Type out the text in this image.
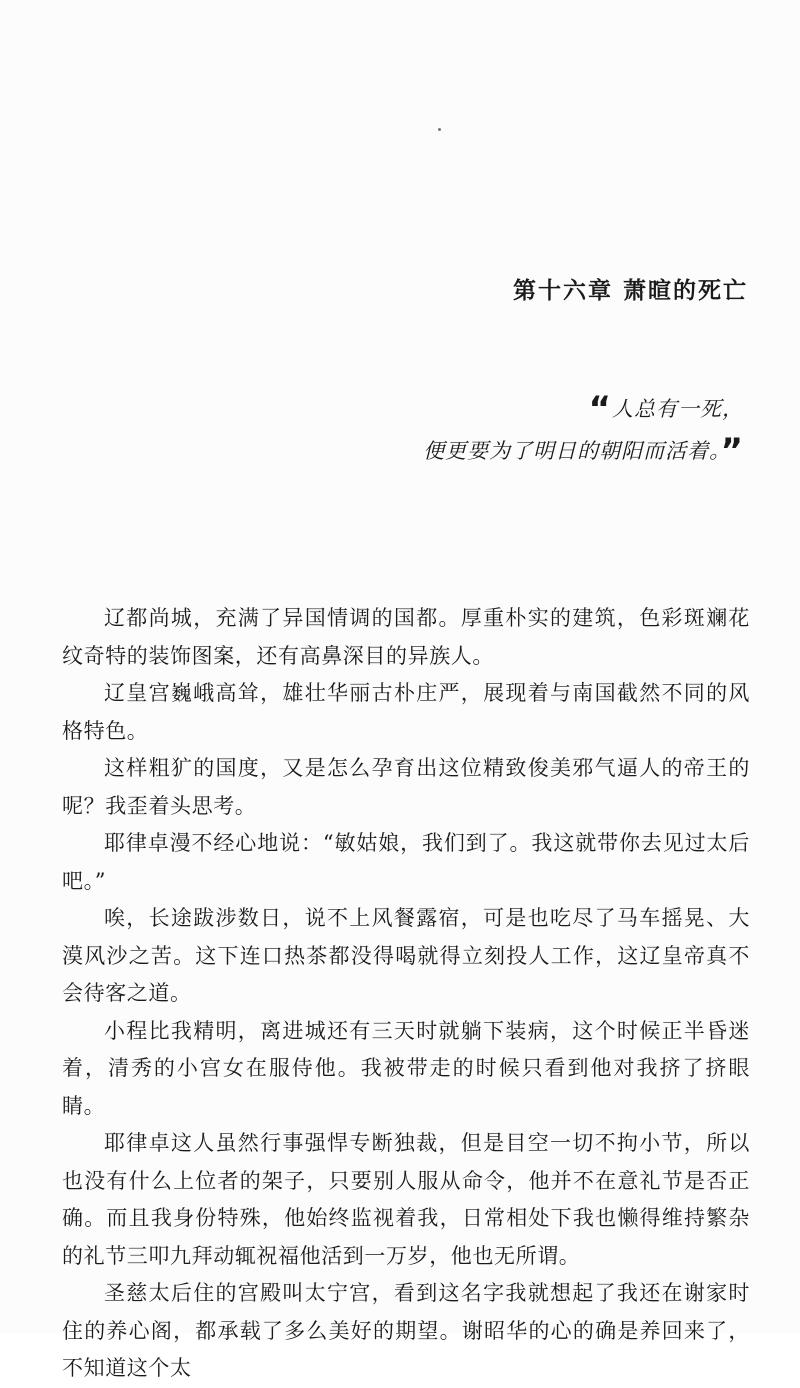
第十六章 萧暄的死亡
“人总有一死，
便更要为了明日的朝阳而活着。”

辽都尚城，充满了异国情调的国都。厚重朴实的建筑，色彩斑斓花纹奇特的装饰图案，还有高鼻深目的异族人。

辽皇宫巍峨高耸，雄壮华丽古朴庄严，展现着与南国截然不同的风格特色。

这样粗犷的国度，又是怎么孕育出这位精致俊美邪气逼人的帝王的呢？我歪着头思考。

耶律卓漫不经心地说：“敏姑娘，我们到了。我这就带你去见过太后吧。”

唉，长途跋涉数日，说不上风餐露宿，可是也吃尽了马车摇晃、大漠风沙之苦。这下连口热茶都没得喝就得立刻投人工作，这辽皇帝真不会待客之道。

小程比我精明，离进城还有三天时就躺下装病，这个时候正半昏迷着，清秀的小宫女在服侍他。我被带走的时候只看到他对我挤了挤眼睛。

耶律卓这人虽然行事强悍专断独裁，但是目空一切不拘小节，所以也没有什么上位者的架子，只要别人服从命令，他并不在意礼节是否正确。而且我身份特殊，他始终监视着我，日常相处下我也懒得维持繁杂的礼节三叩九拜动辄祝福他活到一万岁，他也无所谓。

圣慈太后住的宫殿叫太宁宫，看到这名字我就想起了我还在谢家时住的养心阁，都承载了多么美好的期望。谢昭华的心的确是养回来了，不知道这个太
